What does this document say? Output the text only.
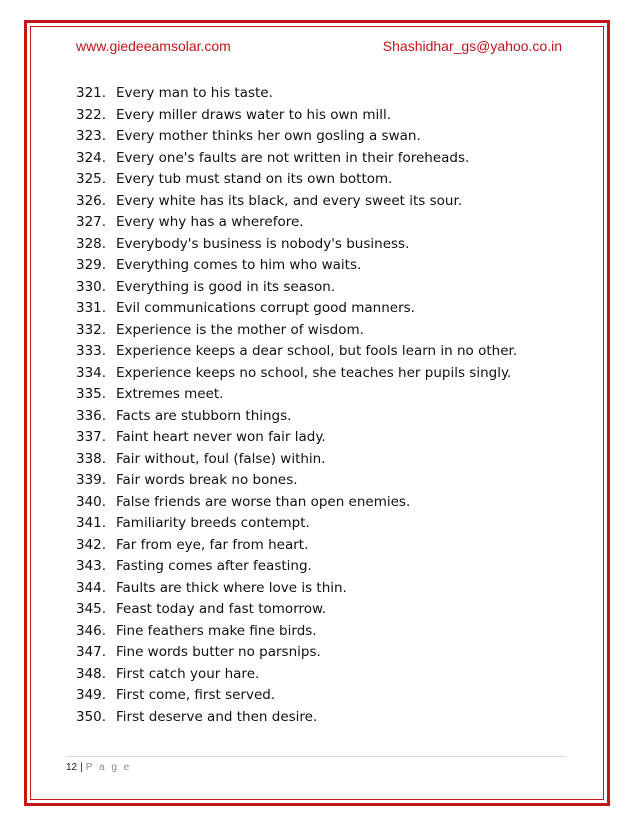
www.giedeeamsolar.com	Shashidhar_gs@yahoo.co.in
321. Every man to his taste.
322. Every miller draws water to his own mill.
323. Every mother thinks her own gosling a swan.
324. Every one's faults are not written in their foreheads.
325. Every tub must stand on its own bottom.
326. Every white has its black, and every sweet its sour.
327. Every why has a wherefore.
328. Everybody's business is nobody's business.
329. Everything comes to him who waits.
330. Everything is good in its season.
331. Evil communications corrupt good manners.
332. Experience is the mother of wisdom.
333. Experience keeps a dear school, but fools learn in no other.
334. Experience keeps no school, she teaches her pupils singly.
335. Extremes meet.
336. Facts are stubborn things.
337. Faint heart never won fair lady.
338. Fair without, foul (false) within.
339. Fair words break no bones.
340. False friends are worse than open enemies.
341. Familiarity breeds contempt.
342. Far from eye, far from heart.
343. Fasting comes after feasting.
344. Faults are thick where love is thin.
345. Feast today and fast tomorrow.
346. Fine feathers make fine birds.
347. Fine words butter no parsnips.
348. First catch your hare.
349. First come, first served.
350. First deserve and then desire.
12 | P a g e
